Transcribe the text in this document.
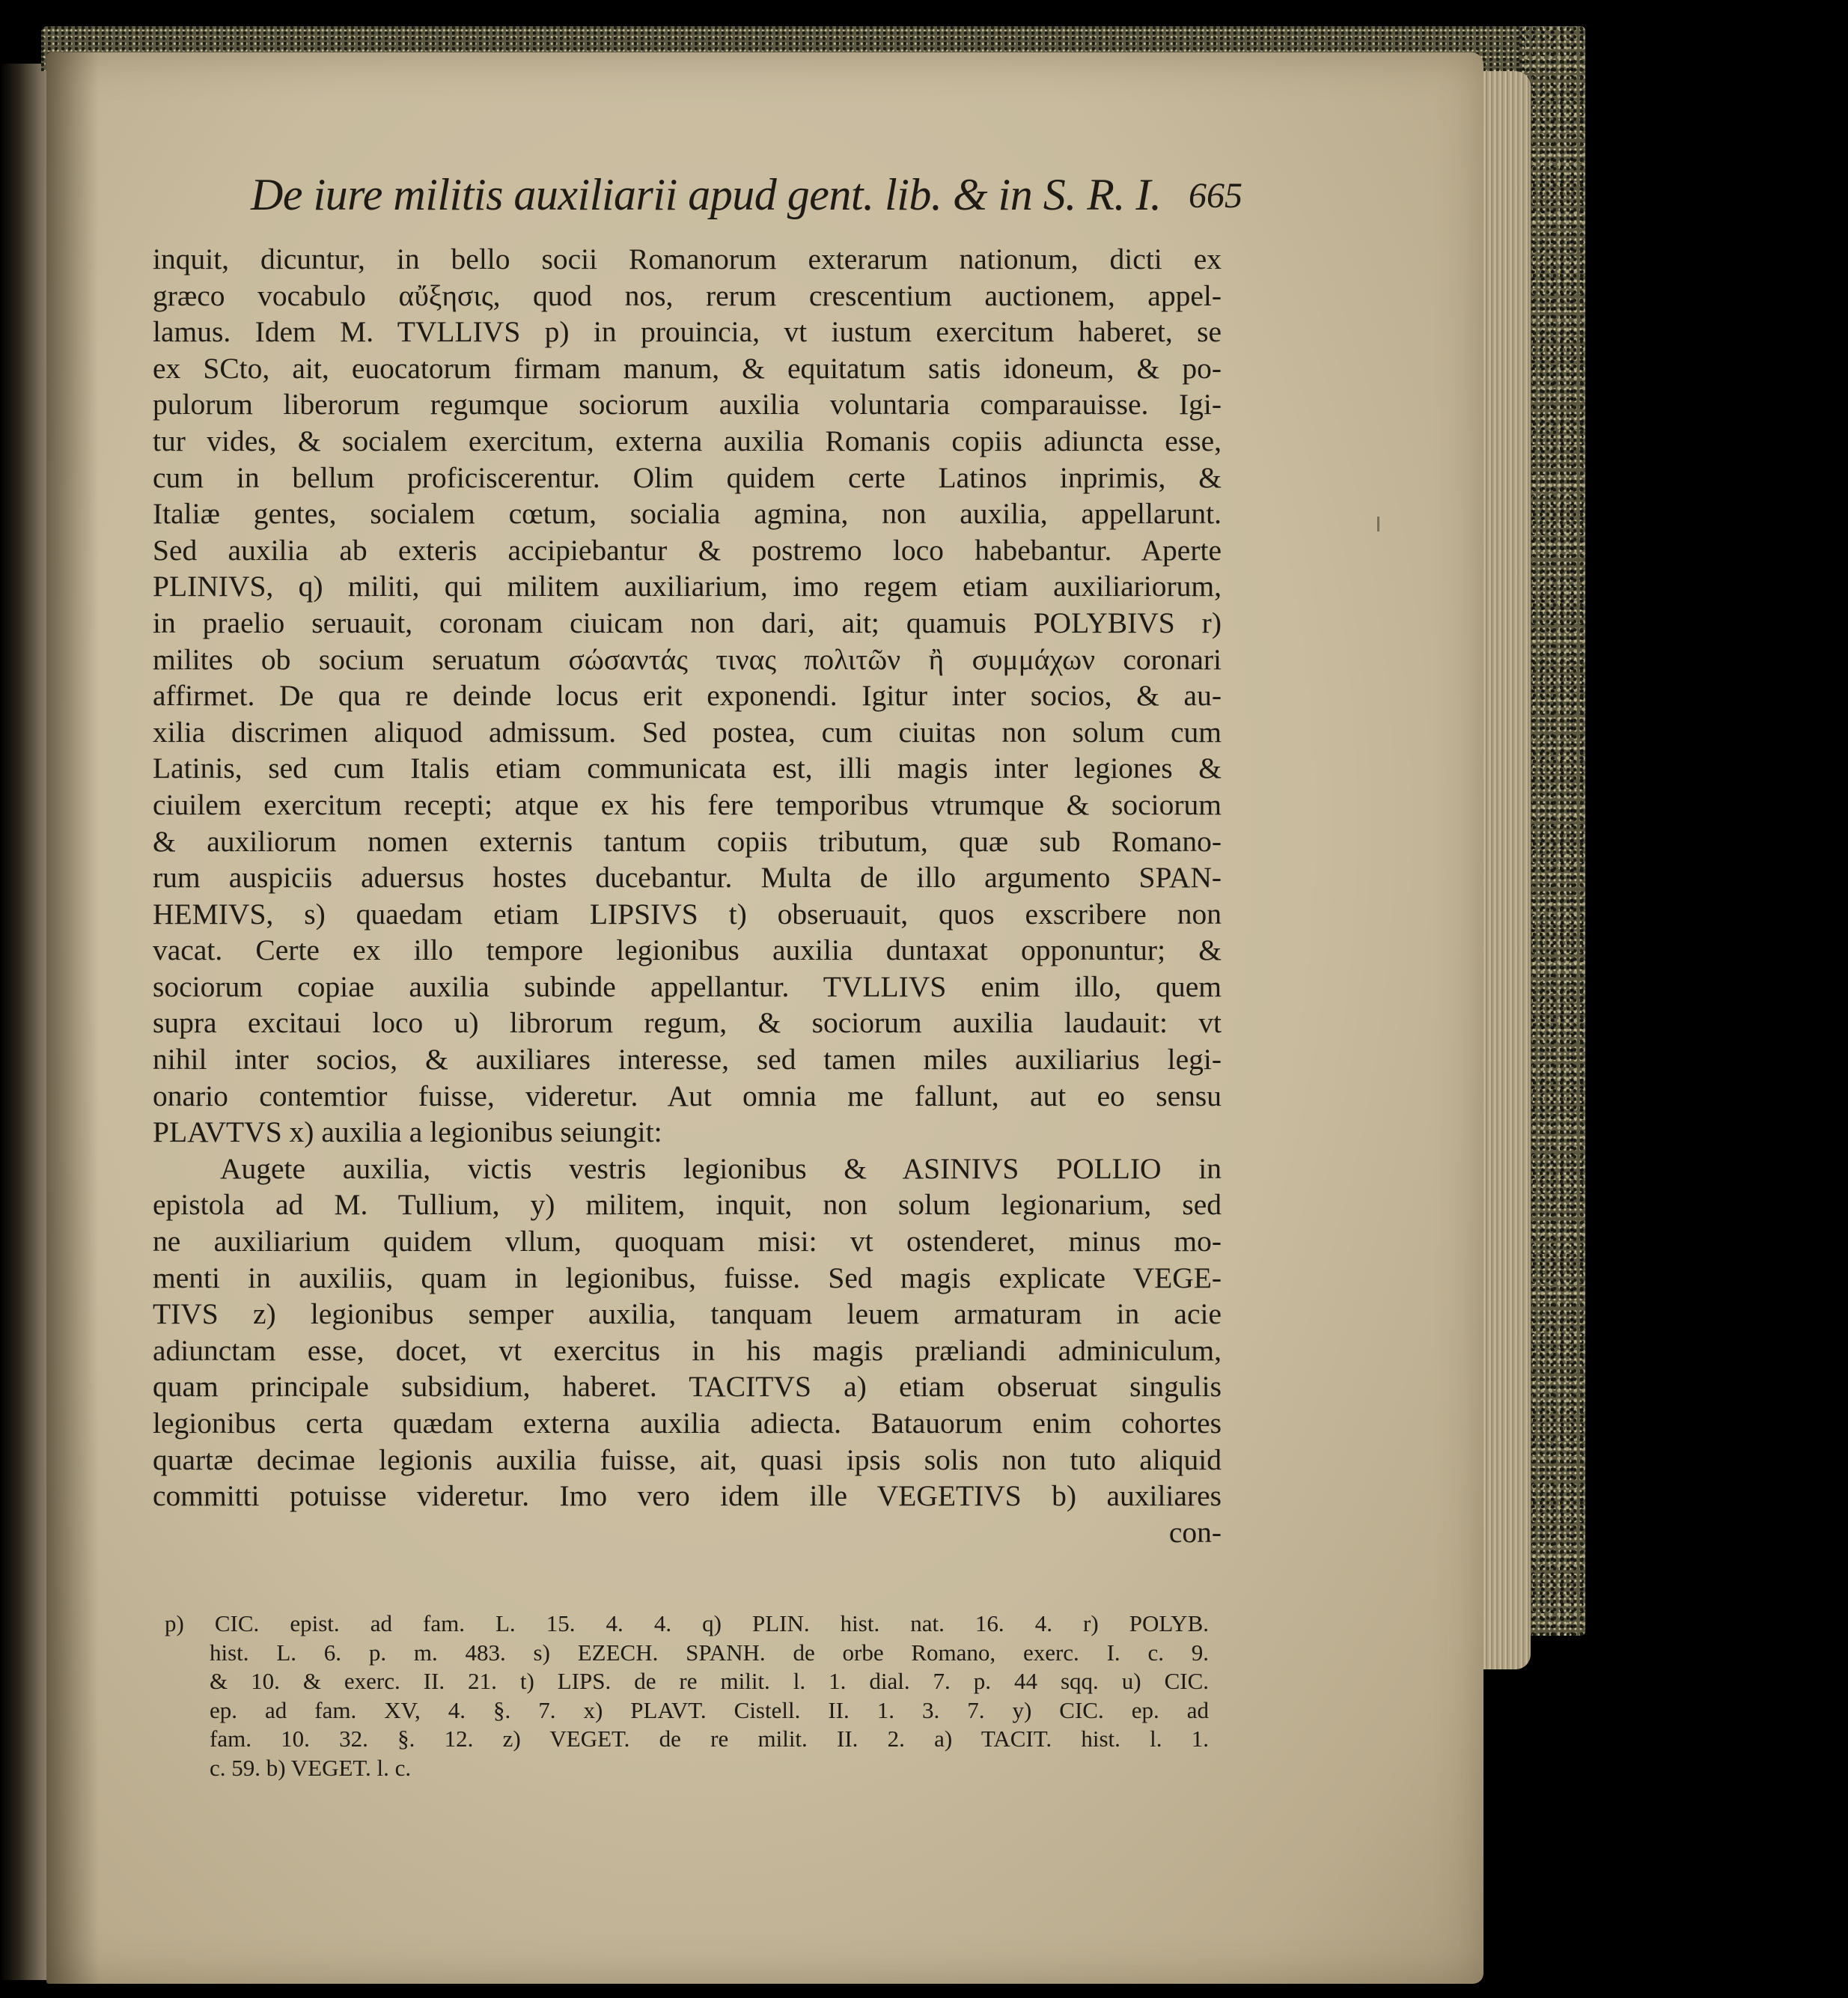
De iure militis auxiliarii apud gent. lib. & in S. R. I. 665
inquit, dicuntur, in bello socii Romanorum exterarum nationum, dicti ex
græco vocabulo αὔξησις, quod nos, rerum crescentium auctionem, appel-
lamus. Idem M. TVLLIVS p) in prouincia, vt iustum exercitum haberet, se
ex SCto, ait, euocatorum firmam manum, & equitatum satis idoneum, & po-
pulorum liberorum regumque sociorum auxilia voluntaria comparauisse. Igi-
tur vides, & socialem exercitum, externa auxilia Romanis copiis adiuncta esse,
cum in bellum proficiscerentur. Olim quidem certe Latinos inprimis, &
Italiæ gentes, socialem cœtum, socialia agmina, non auxilia, appellarunt.
Sed auxilia ab exteris accipiebantur & postremo loco habebantur. Aperte
PLINIVS, q) militi, qui militem auxiliarium, imo regem etiam auxiliariorum,
in praelio seruauit, coronam ciuicam non dari, ait; quamuis POLYBIVS r)
milites ob socium seruatum σώσαντάς τινας πολιτῶν ἢ συμμάχων coronari
affirmet. De qua re deinde locus erit exponendi. Igitur inter socios, & au-
xilia discrimen aliquod admissum. Sed postea, cum ciuitas non solum cum
Latinis, sed cum Italis etiam communicata est, illi magis inter legiones &
ciuilem exercitum recepti; atque ex his fere temporibus vtrumque & sociorum
& auxiliorum nomen externis tantum copiis tributum, quæ sub Romano-
rum auspiciis aduersus hostes ducebantur. Multa de illo argumento SPAN-
HEMIVS, s) quaedam etiam LIPSIVS t) obseruauit, quos exscribere non
vacat. Certe ex illo tempore legionibus auxilia duntaxat opponuntur; &
sociorum copiae auxilia subinde appellantur. TVLLIVS enim illo, quem
supra excitaui loco u) librorum regum, & sociorum auxilia laudauit: vt
nihil inter socios, & auxiliares interesse, sed tamen miles auxiliarius legi-
onario contemtior fuisse, videretur. Aut omnia me fallunt, aut eo sensu
PLAVTVS x) auxilia a legionibus seiungit:
Augete auxilia, victis vestris legionibus & ASINIVS POLLIO in
epistola ad M. Tullium, y) militem, inquit, non solum legionarium, sed
ne auxiliarium quidem vllum, quoquam misi: vt ostenderet, minus mo-
menti in auxiliis, quam in legionibus, fuisse. Sed magis explicate VEGE-
TIVS z) legionibus semper auxilia, tanquam leuem armaturam in acie
adiunctam esse, docet, vt exercitus in his magis præliandi adminiculum,
quam principale subsidium, haberet. TACITVS a) etiam obseruat singulis
legionibus certa quædam externa auxilia adiecta. Batauorum enim cohortes
quartæ decimae legionis auxilia fuisse, ait, quasi ipsis solis non tuto aliquid
committi potuisse videretur. Imo vero idem ille VEGETIVS b) auxiliares
con-
p) CIC. epist. ad fam. L. 15. 4. 4. q) PLIN. hist. nat. 16. 4. r) POLYB.
hist. L. 6. p. m. 483. s) EZECH. SPANH. de orbe Romano, exerc. I. c. 9.
& 10. & exerc. II. 21. t) LIPS. de re milit. l. 1. dial. 7. p. 44 sqq. u) CIC.
ep. ad fam. XV, 4. §. 7. x) PLAVT. Cistell. II. 1. 3. 7. y) CIC. ep. ad
fam. 10. 32. §. 12. z) VEGET. de re milit. II. 2. a) TACIT. hist. l. 1.
c. 59. b) VEGET. l. c.
